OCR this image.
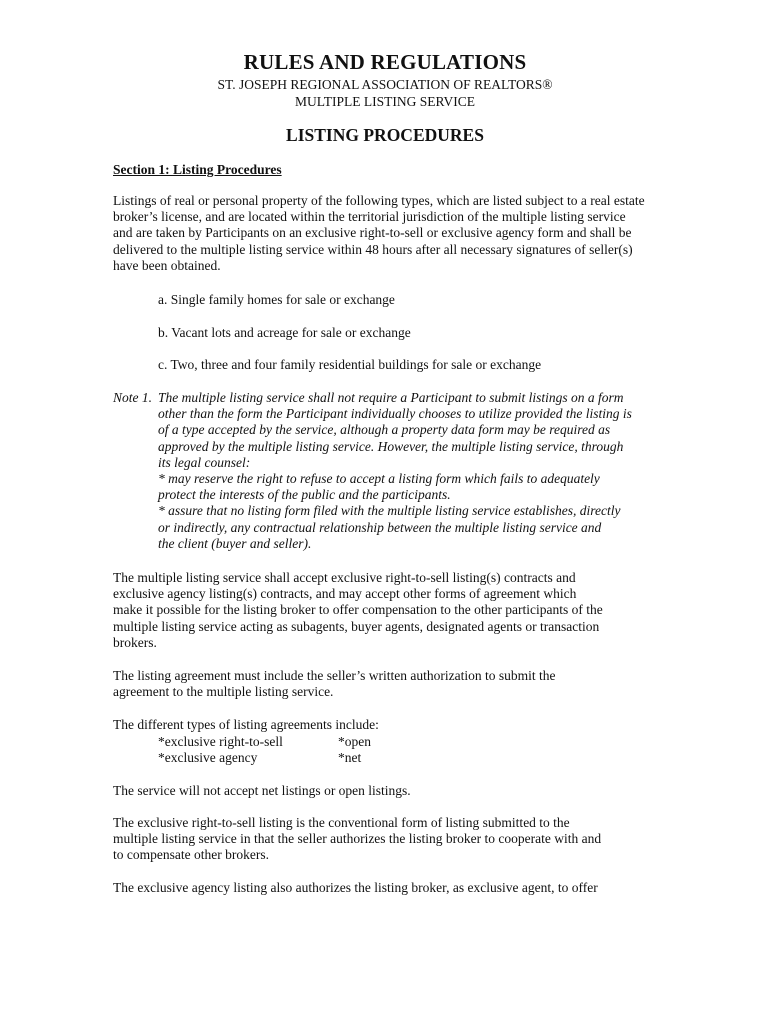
RULES AND REGULATIONS
ST. JOSEPH REGIONAL ASSOCIATION OF REALTORS®
MULTIPLE LISTING SERVICE
LISTING PROCEDURES
Section 1: Listing Procedures

Listings of real or personal property of the following types, which are listed subject to a real estate broker’s license, and are located within the territorial jurisdiction of the multiple listing service and are taken by Participants on an exclusive right-to-sell or exclusive agency form and shall be delivered to the multiple listing service within 48 hours after all necessary signatures of seller(s) have been obtained.

a. Single family homes for sale or exchange
b. Vacant lots and acreage for sale or exchange
c. Two, three and four family residential buildings for sale or exchange
Note 1. The multiple listing service shall not require a Participant to submit listings on a form
other than the form the Participant individually chooses to utilize provided the listing is
of a type accepted by the service, although a property data form may be required as
approved by the multiple listing service. However, the multiple listing service, through
its legal counsel:
* may reserve the right to refuse to accept a listing form which fails to adequately
protect the interests of the public and the participants.
* assure that no listing form filed with the multiple listing service establishes, directly
or indirectly, any contractual relationship between the multiple listing service and
the client (buyer and seller).

The multiple listing service shall accept exclusive right-to-sell listing(s) contracts and exclusive agency listing(s) contracts, and may accept other forms of agreement which make it possible for the listing broker to offer compensation to the other participants of the multiple listing service acting as subagents, buyer agents, designated agents or transaction brokers.

The listing agreement must include the seller’s written authorization to submit the agreement to the multiple listing service.

The different types of listing agreements include:

*exclusive right-to-sell	*open
*exclusive agency	*net

The service will not accept net listings or open listings.

The exclusive right-to-sell listing is the conventional form of listing submitted to the multiple listing service in that the seller authorizes the listing broker to cooperate with and to compensate other brokers.

The exclusive agency listing also authorizes the listing broker, as exclusive agent, to offer
